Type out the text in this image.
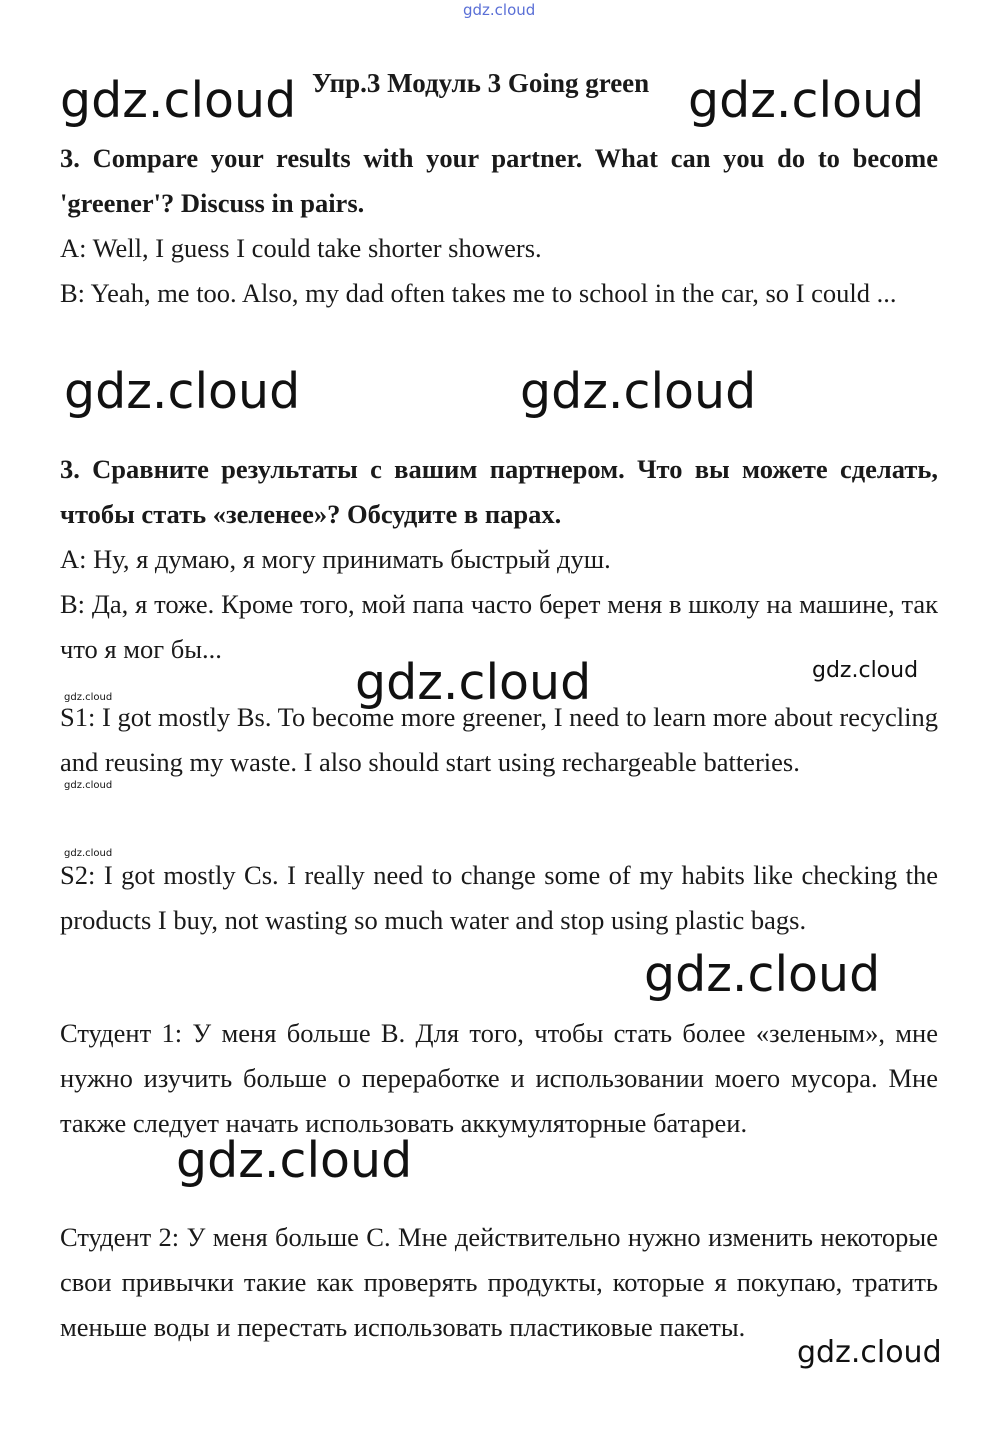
gdz.cloud
gdz.cloud	gdz.cloud
gdz.cloud	gdz.cloud
gdz.cloud	gdz.cloud
gdz.cloud
gdz.cloud
gdz.cloud
gdz.cloud
gdz.cloud
gdz.cloud
Упр.3 Модуль 3 Going green

3. Compare your results with your partner. What can you do to become 'greener'? Discuss in pairs.

A: Well, I guess I could take shorter showers.

B: Yeah, me too. Also, my dad often takes me to school in the car, so I could ...

3. Сравните результаты с вашим партнером. Что вы можете сделать, чтобы стать «зеленее»? Обсудите в парах.

А: Ну, я думаю, я могу принимать быстрый душ.

В: Да, я тоже. Кроме того, мой папа часто берет меня в школу на машине, так что я мог бы...

S1: I got mostly Bs. To become more greener, I need to learn more about recycling and reusing my waste. I also should start using rechargeable batteries.

S2: I got mostly Cs. I really need to change some of my habits like checking the products I buy, not wasting so much water and stop using plastic bags.

Студент 1: У меня больше B. Для того, чтобы стать более «зеленым», мне нужно изучить больше о переработке и использовании моего мусора. Мне также следует начать использовать аккумуляторные батареи.

Студент 2: У меня больше C. Мне действительно нужно изменить некоторые свои привычки такие как проверять продукты, которые я покупаю, тратить меньше воды и перестать использовать пластиковые пакеты.
